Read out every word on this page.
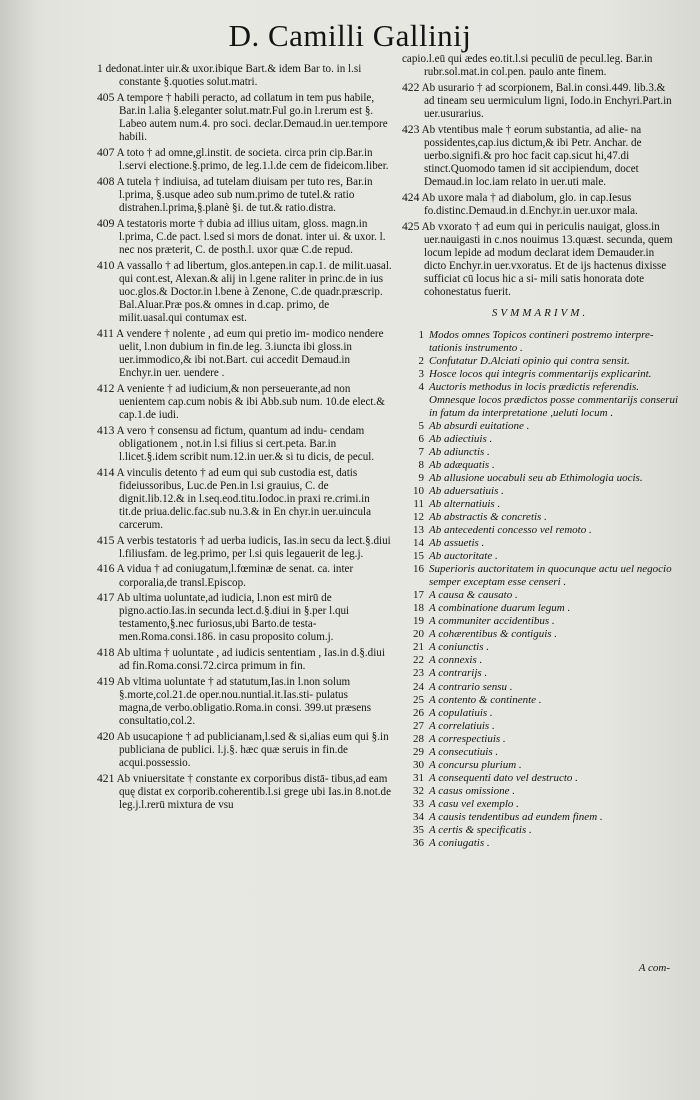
D. Camilli Gallinij
1 dedonat.inter uir.& uxor.ibique Bart.& idem Bar to. in l.si constante §.quoties solut.matri.
405 A tempore † habili peracto, ad collatum in tem pus habile, Bar.in l.alia §.eleganter solut.matr.Ful go.in l.rerum est §. Labeo autem num.4. pro soci. declar.Demaud.in uer.tempore habili.
407 A toto † ad omne,gl.instit. de societa. circa prin cip.Bar.in l.servi electione.§.primo, de leg.1.l.de cem de fideicom.liber.
408 A tutela † indiuisa, ad tutelam diuisam per tuto res, Bar.in l.prima, §.usque adeo sub num.primo de tutel.& ratio distrahen.l.prima,§.planè §i. de tut.& ratio.distra.
409 A testatoris morte † dubia ad illius uitam, gloss. magn.in l.prima, C.de pact. l.sed si mors de donat. inter ui. & uxor. l. nec nos præterit, C. de posth.l. uxor quæ C.de repud.
410 A vassallo † ad libertum, glos.antepen.in cap.1. de milit.uasal. qui cont.est, Alexan.& alij in l.gene raliter in princ.de in ius uoc.glos.& Doctor.in l.bene à Zenone, C.de quadr.præscrip. Bal.Aluar.Præ pos.& omnes in d.cap. primo, de milit.uasal.qui contumax est.
411 A vendere † nolente , ad eum qui pretio im- modico nendere uelit, l.non dubium in fin.de leg. 3.iuncta ibi gloss.in uer.immodico,& ibi not.Bart. cui accedit Demaud.in Enchyr.in uer. uendere .
412 A veniente † ad iudicium,& non perseuerante,ad non uenientem cap.cum nobis & ibi Abb.sub num. 10.de elect.& cap.1.de iudi.
413 A vero † consensu ad fictum, quantum ad indu- cendam obligationem , not.in l.si filius si cert.peta. Bar.in l.licet.§.idem scribit num.12.in uer.& si tu dicis, de pecul.
414 A vinculis detento † ad eum qui sub custodia est, datis fideiussoribus, Luc.de Pen.in l.si grauius, C. de dignit.lib.12.& in l.seq.eod.titu.Iodoc.in praxi re.crimi.in tit.de priua.delic.fac.sub nu.3.& in En chyr.in uer.uincula carcerum.
415 A verbis testatoris † ad uerba iudicis, Ias.in secu da lect.§.diui l.filiusfam. de leg.primo, per l.si quis legauerit de leg.j.
416 A vidua † ad coniugatum,l.fœminæ de senat. ca. inter corporalia,de transl.Episcop.
417 Ab ultima uoluntate,ad iudicia, l.non est mirū de pigno.actio.Ias.in secunda lect.d.§.diui in §.per l.qui testamento,§.nec furiosus,ubi Barto.de testa- men.Roma.consi.186. in casu proposito colum.j.
418 Ab ultima † uoluntate , ad iudicis sententiam , Ias.in d.§.diui ad fin.Roma.consi.72.circa primum in fin.
419 Ab vltima uoluntate † ad statutum,Ias.in l.non solum §.morte,col.21.de oper.nou.nuntial.it.Ias.sti- pulatus magna,de verbo.obligatio.Roma.in consi. 399.ut præsens consultatio,col.2.
420 Ab usucapione † ad publicianam,l.sed & si,alias eum qui §.in publiciana de publici. l.j.§. hæc quæ seruis in fin.de acqui.possessio.
421 Ab vniuersitate † constante ex corporibus distā- tibus,ad eam quę distat ex corporib.coherentib.l.si grege ubi Ias.in 8.not.de leg.j.l.rerū mixtura de vsu
capio.l.eū qui ædes eo.tit.l.si peculiū de pecul.leg. Bar.in rubr.sol.mat.in col.pen. paulo ante finem.
422 Ab usurario † ad scorpionem, Bal.in consi.449. lib.3.& ad tineam seu uermiculum ligni, Iodo.in Enchyri.Part.in uer.usurarius.
423 Ab vtentibus male † eorum substantia, ad alie- na possidentes,cap.ius dictum,& ibi Petr. Anchar. de uerbo.signifi.& pro hoc facit cap.sicut hi,47.di stinct.Quomodo tamen id sit accipiendum, docet Demaud.in loc.iam relato in uer.uti male.
424 Ab uxore mala † ad diabolum, glo. in cap.Iesus fo.distinc.Demaud.in d.Enchyr.in uer.uxor mala.
425 Ab vxorato † ad eum qui in periculis nauigat, gloss.in uer.nauigasti in c.nos nouimus 13.quæst. secunda, quem locum lepide ad modum declarat idem Demauder.in dicto Enchyr.in uer.vxoratus. Et de ijs hactenus dixisse sufficiat cū locus hic a si- mili satis honorata dote cohonestatus fuerit.
SVMMARIVM.
1 Modos omnes Topicos contineri postremo interpre- tationis instrumento .
2 Confutatur D.Alciati opinio qui contra sensit.
3 Hosce locos qui integris commentarijs explicarint.
4 Auctoris methodus in locis prædictis referendis. Omnesque locos prædictos posse commentarijs conserui in fatum da interpretatione ,ueluti locum .
5 Ab absurdi euitatione .
6 Ab adiectiuis .
7 Ab adiunctis .
8 Ab adæquatis .
9 Ab allusione uocabuli seu ab Ethimologia uocis.
10 Ab aduersatiuis .
11 Ab alternatiuis .
12 Ab abstractis & concretis .
13 Ab antecedenti concesso vel remoto .
14 Ab assuetis .
15 Ab auctoritate .
16 Superioris auctoritatem in quocunque actu uel negocio semper exceptam esse censeri .
17 A causa & causato .
18 A combinatione duarum legum .
19 A communiter accidentibus .
20 A cohærentibus & contiguis .
21 A coniunctis .
22 A connexis .
23 A contrarijs .
24 A contrario sensu .
25 A contento & continente .
26 A copulatiuis .
27 A correlatiuis .
28 A correspectiuis .
29 A consecutiuis .
30 A concursu plurium .
31 A consequenti dato vel destructo .
32 A casus omissione .
33 A casu vel exemplo .
34 A causis tendentibus ad eundem finem .
35 A certis & specificatis .
36 A coniugatis .
A com-
